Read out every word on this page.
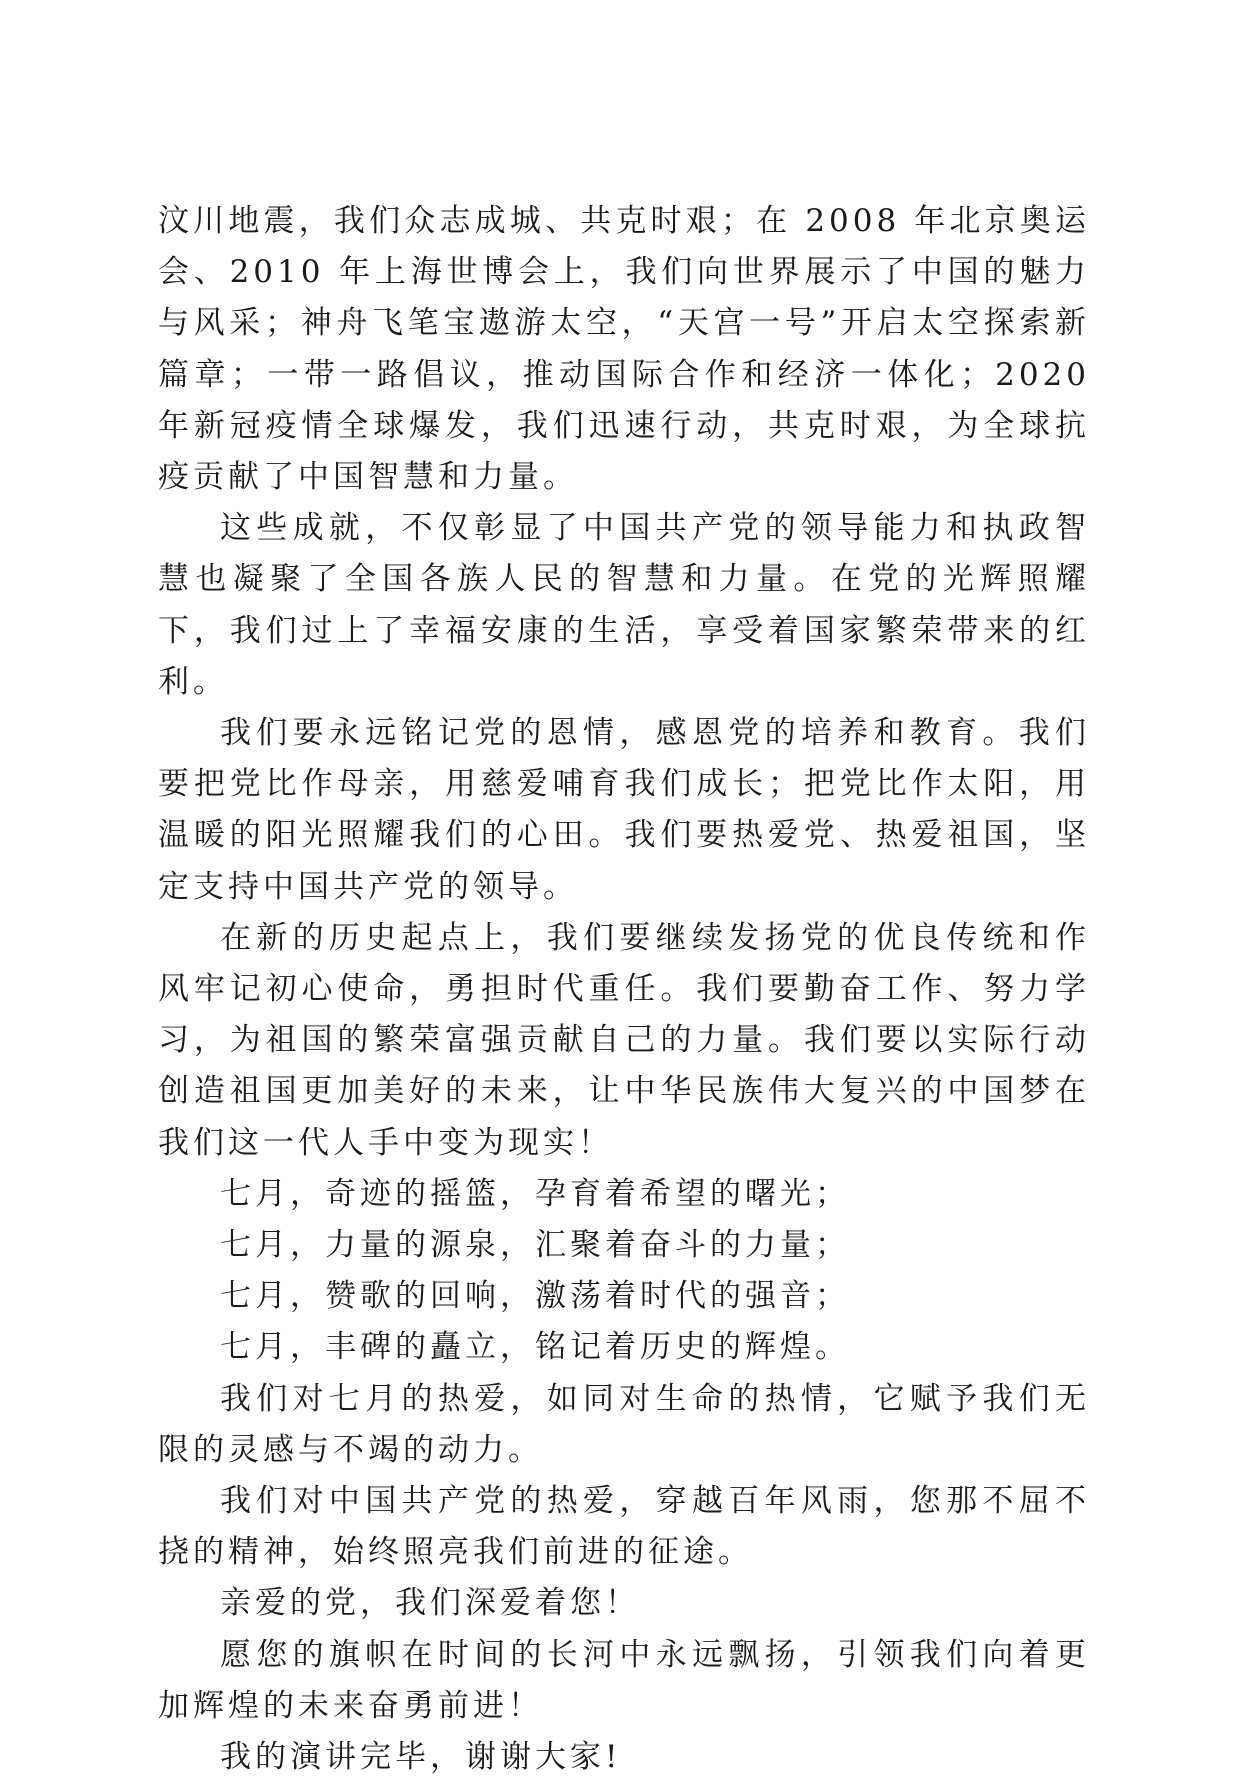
汶川地震，我们众志成城、共克时艰；在 2008 年北京奥运会、2010 年上海世博会上，我们向世界展示了中国的魅力与风采；神舟飞笔宝遨游太空，“天宫一号”开启太空探索新篇章；一带一路倡议，推动国际合作和经济一体化；2020 年新冠疫情全球爆发，我们迅速行动，共克时艰，为全球抗疫贡献了中国智慧和力量。

这些成就，不仅彰显了中国共产党的领导能力和执政智慧也凝聚了全国各族人民的智慧和力量。在党的光辉照耀下，我们过上了幸福安康的生活，享受着国家繁荣带来的红利。

我们要永远铭记党的恩情，感恩党的培养和教育。我们要把党比作母亲，用慈爱哺育我们成长；把党比作太阳，用温暖的阳光照耀我们的心田。我们要热爱党、热爱祖国，坚定支持中国共产党的领导。

在新的历史起点上，我们要继续发扬党的优良传统和作风牢记初心使命，勇担时代重任。我们要勤奋工作、努力学习，为祖国的繁荣富强贡献自己的力量。我们要以实际行动创造祖国更加美好的未来，让中华民族伟大复兴的中国梦在我们这一代人手中变为现实！

七月，奇迹的摇篮，孕育着希望的曙光；

七月，力量的源泉，汇聚着奋斗的力量；

七月，赞歌的回响，激荡着时代的强音；

七月，丰碑的矗立，铭记着历史的辉煌。

我们对七月的热爱，如同对生命的热情，它赋予我们无限的灵感与不竭的动力。

我们对中国共产党的热爱，穿越百年风雨，您那不屈不挠的精神，始终照亮我们前进的征途。

亲爱的党，我们深爱着您！

愿您的旗帜在时间的长河中永远飘扬，引领我们向着更加辉煌的未来奋勇前进！

我的演讲完毕，谢谢大家!
